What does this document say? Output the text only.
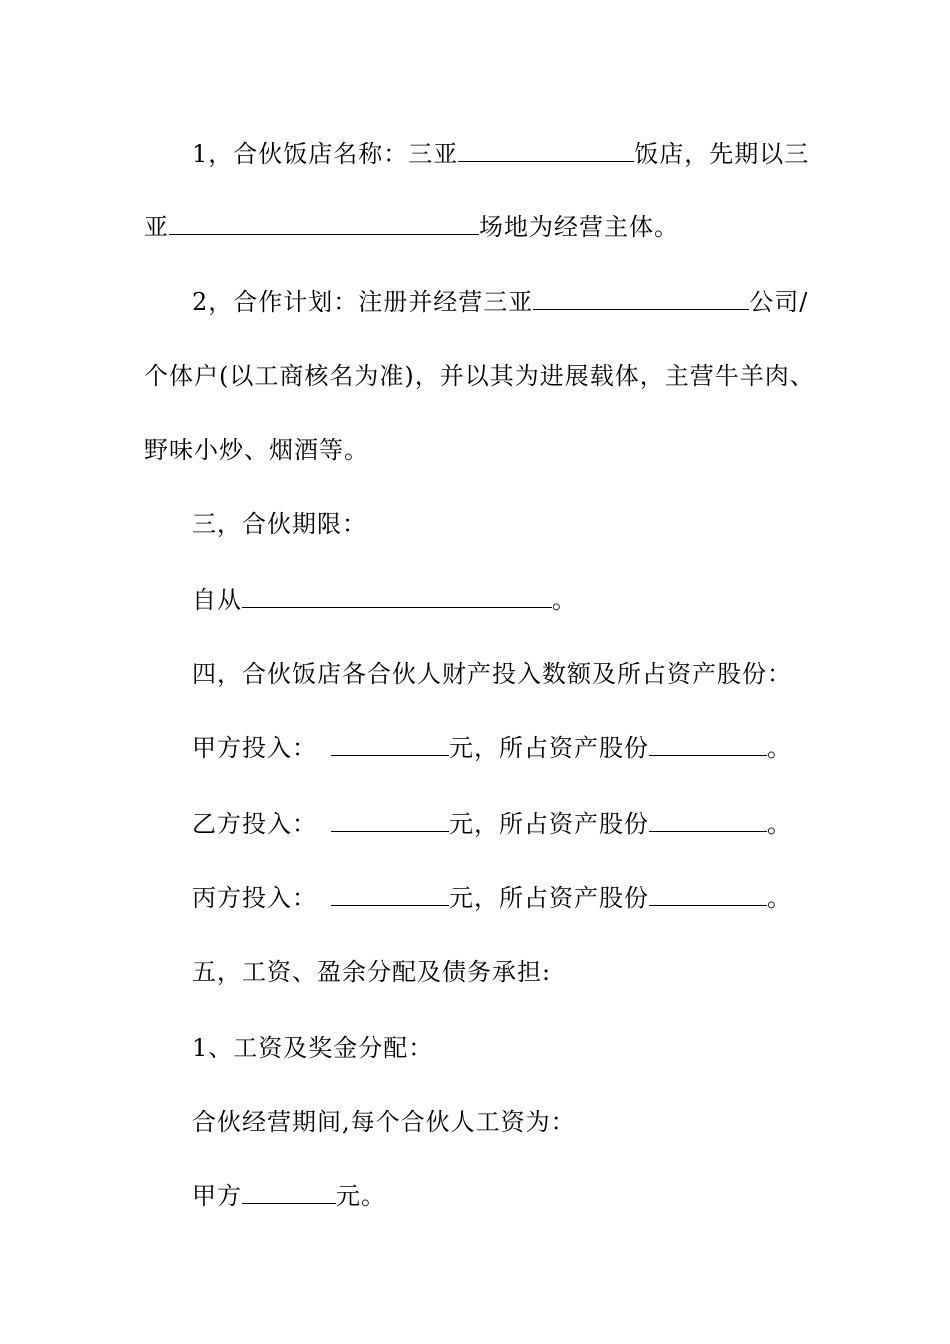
1，合伙饭店名称：三亚	饭店，先期以三
亚	场地为经营主体。
2，合作计划：注册并经营三亚	公司/
个体户(以工商核名为准)，并以其为进展载体，主营牛羊肉、
野味小炒、烟酒等。
三，合伙期限：
自从	。
四，合伙饭店各合伙人财产投入数额及所占资产股份：
甲方投入：	元，所占资产股份	。
乙方投入：	元，所占资产股份	。
丙方投入：	元，所占资产股份	。
五，工资、盈余分配及债务承担:
1、工资及奖金分配：
合伙经营期间,每个合伙人工资为：
甲方	元。
